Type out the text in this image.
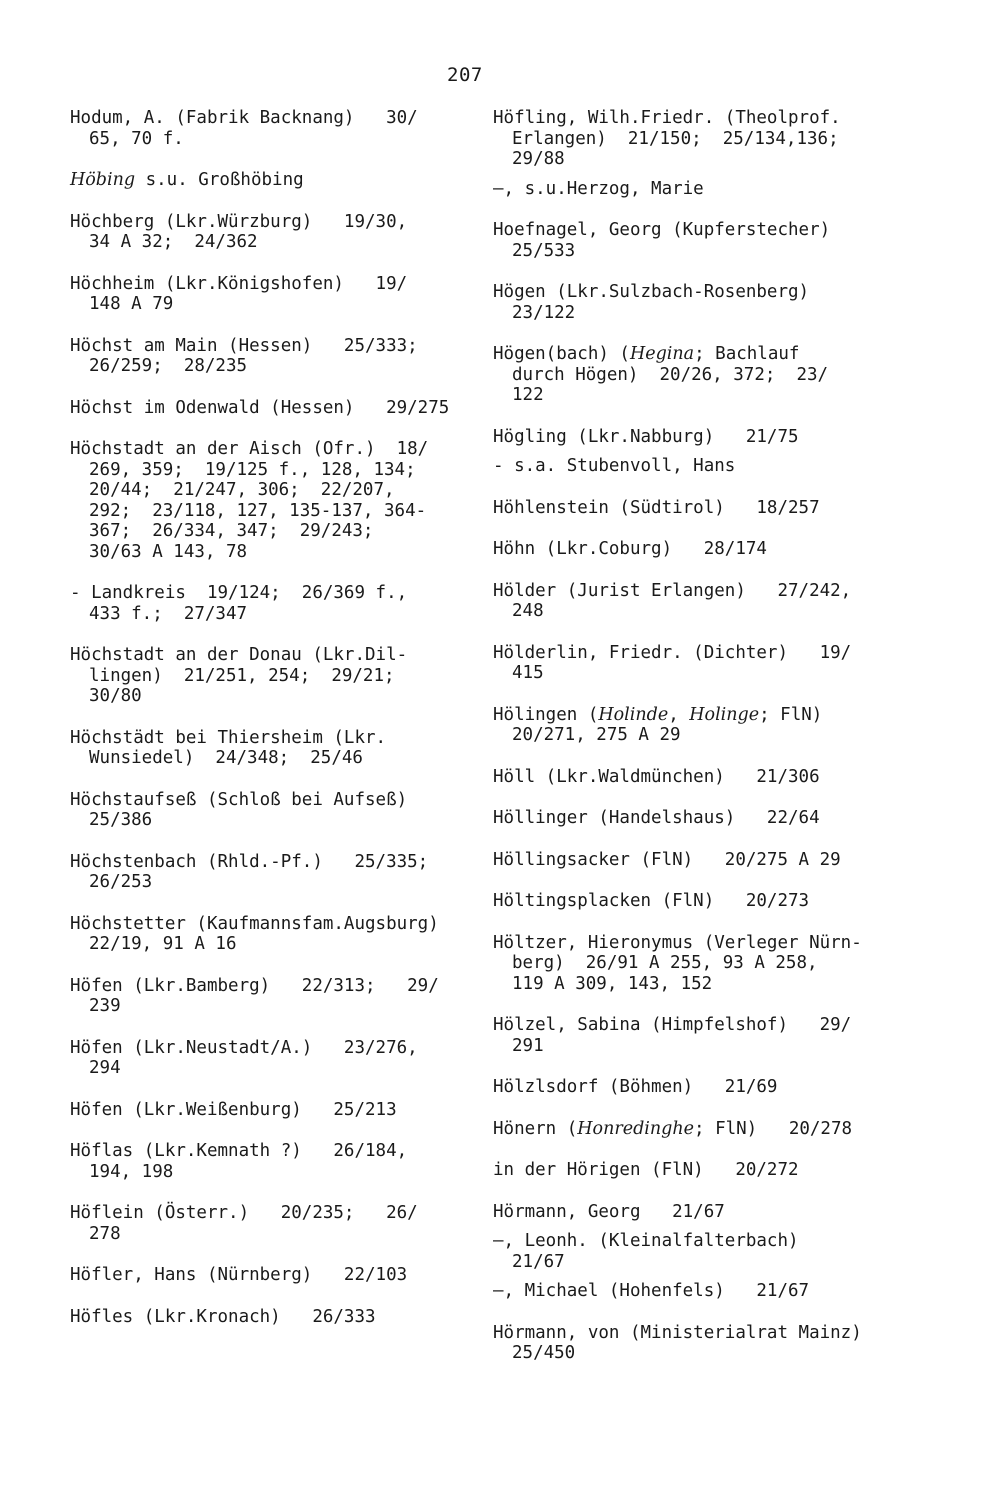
207
Hodum, A. (Fabrik Backnang)   30/
65, 70 f.
Höbing s.u. Großhöbing
Höchberg (Lkr.Würzburg)   19/30,
34 A 32;  24/362
Höchheim (Lkr.Königshofen)   19/
148 A 79
Höchst am Main (Hessen)   25/333;
26/259;  28/235
Höchst im Odenwald (Hessen)   29/275
Höchstadt an der Aisch (Ofr.)  18/
269, 359;  19/125 f., 128, 134;
20/44;  21/247, 306;  22/207,
292;  23/118, 127, 135-137, 364-
367;  26/334, 347;  29/243;
30/63 A 143, 78
- Landkreis  19/124;  26/369 f.,
433 f.;  27/347
Höchstadt an der Donau (Lkr.Dil-
lingen)  21/251, 254;  29/21;
30/80
Höchstädt bei Thiersheim (Lkr.
Wunsiedel)  24/348;  25/46
Höchstaufseß (Schloß bei Aufseß)
25/386
Höchstenbach (Rhld.-Pf.)   25/335;
26/253
Höchstetter (Kaufmannsfam.Augsburg)
22/19, 91 A 16
Höfen (Lkr.Bamberg)   22/313;   29/
239
Höfen (Lkr.Neustadt/A.)   23/276,
294
Höfen (Lkr.Weißenburg)   25/213
Höflas (Lkr.Kemnath ?)   26/184,
194, 198
Höflein (Österr.)   20/235;   26/
278
Höfler, Hans (Nürnberg)   22/103
Höfles (Lkr.Kronach)   26/333
Höfling, Wilh.Friedr. (Theolprof.
Erlangen)  21/150;  25/134,136;
29/88
—, s.u.Herzog, Marie
Hoefnagel, Georg (Kupferstecher)
25/533
Högen (Lkr.Sulzbach-Rosenberg)
23/122
Högen(bach) (Hegina; Bachlauf
durch Högen)  20/26, 372;  23/
122
Högling (Lkr.Nabburg)   21/75
- s.a. Stubenvoll, Hans
Höhlenstein (Südtirol)   18/257
Höhn (Lkr.Coburg)   28/174
Hölder (Jurist Erlangen)   27/242,
248
Hölderlin, Friedr. (Dichter)   19/
415
Hölingen (Holinde, Holinge; FlN)
20/271, 275 A 29
Höll (Lkr.Waldmünchen)   21/306
Höllinger (Handelshaus)   22/64
Höllingsacker (FlN)   20/275 A 29
Höltingsplacken (FlN)   20/273
Höltzer, Hieronymus (Verleger Nürn-
berg)  26/91 A 255, 93 A 258,
119 A 309, 143, 152
Hölzel, Sabina (Himpfelshof)   29/
291
Hölzlsdorf (Böhmen)   21/69
Hönern (Honredinghe; FlN)   20/278
in der Hörigen (FlN)   20/272
Hörmann, Georg   21/67
—, Leonh. (Kleinalfalterbach)
21/67
—, Michael (Hohenfels)   21/67
Hörmann, von (Ministerialrat Mainz)
25/450
